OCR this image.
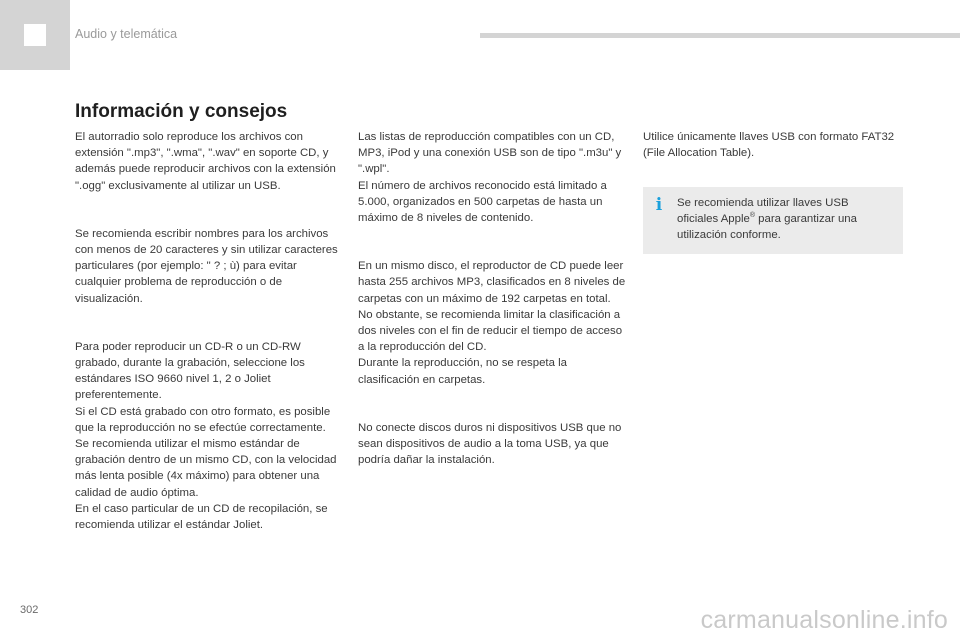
Audio y telemática
Información y consejos

El autorradio solo reproduce los archivos con extensión ".mp3", ".wma", ".wav" en soporte CD, y además puede reproducir archivos con la extensión ".ogg" exclusivamente al utilizar un USB.

Se recomienda escribir nombres para los archivos con menos de 20 caracteres y sin utilizar caracteres particulares (por ejemplo: " ? ; ù) para evitar cualquier problema de reproducción o de visualización.

Para poder reproducir un CD-R o un CD-RW grabado, durante la grabación, seleccione los estándares ISO 9660 nivel 1, 2 o Joliet preferentemente.
Si el CD está grabado con otro formato, es posible que la reproducción no se efectúe correctamente.
Se recomienda utilizar el mismo estándar de grabación dentro de un mismo CD, con la velocidad más lenta posible (4x máximo) para obtener una calidad de audio óptima.
En el caso particular de un CD de recopilación, se recomienda utilizar el estándar Joliet.

Las listas de reproducción compatibles con un CD, MP3, iPod y una conexión USB son de tipo ".m3u" y ".wpl".
El número de archivos reconocido está limitado a 5.000, organizados en 500 carpetas de hasta un máximo de 8 niveles de contenido.

En un mismo disco, el reproductor de CD puede leer hasta 255 archivos MP3, clasificados en 8 niveles de carpetas con un máximo de 192 carpetas en total. No obstante, se recomienda limitar la clasificación a dos niveles con el fin de reducir el tiempo de acceso a la reproducción del CD.
Durante la reproducción, no se respeta la clasificación en carpetas.

No conecte discos duros ni dispositivos USB que no sean dispositivos de audio a la toma USB, ya que podría dañar la instalación.

Utilice únicamente llaves USB con formato FAT32 (File Allocation Table).

i Se recomienda utilizar llaves USB oficiales Apple® para garantizar una utilización conforme.

302	carmanualsonline.info
